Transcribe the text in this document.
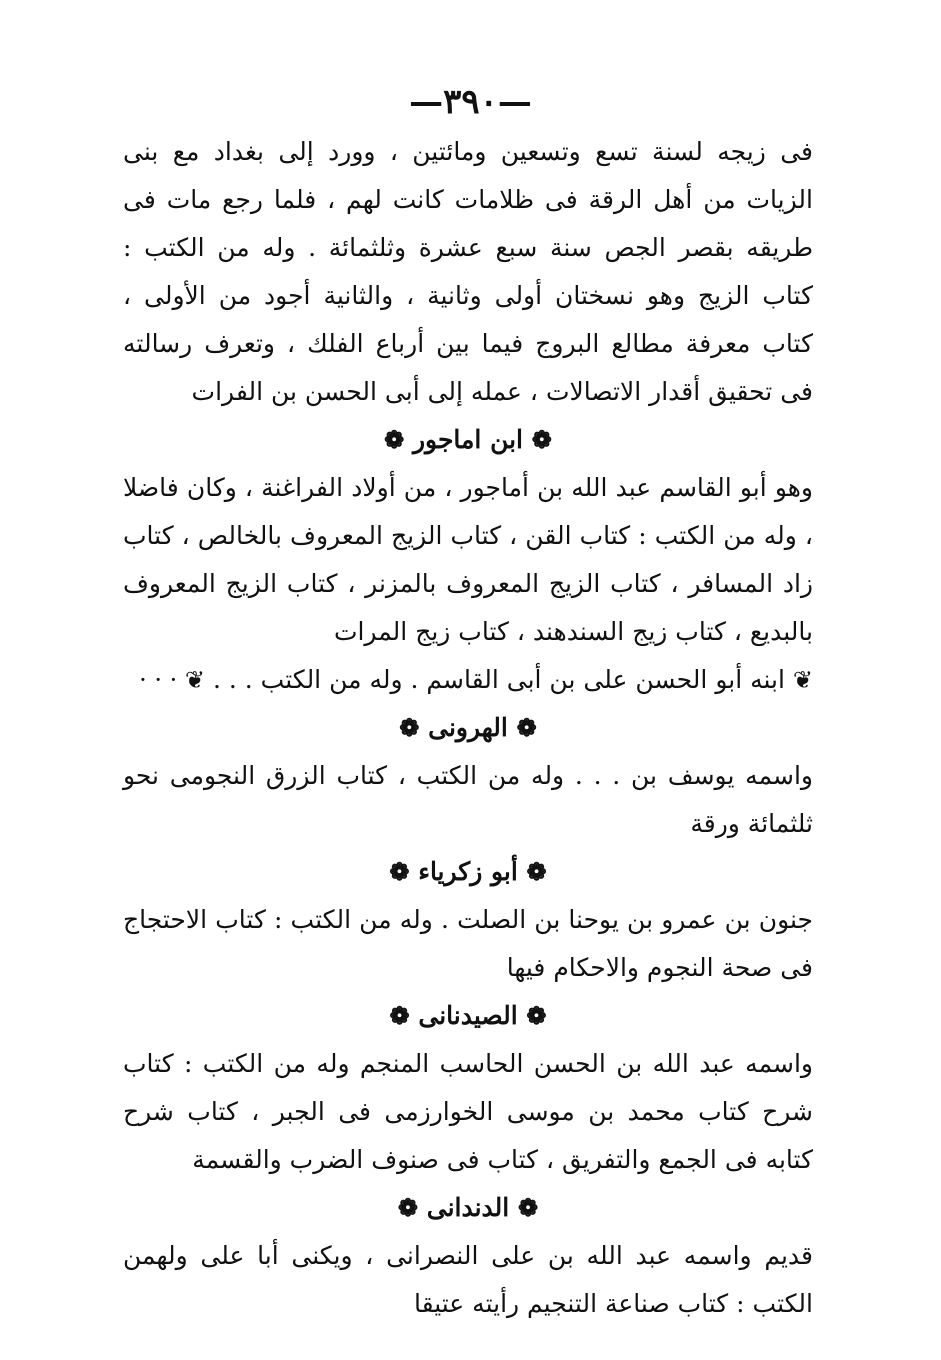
—٣٩٠—

فى زيجه لسنة تسع وتسعين ومائتين ، وورد إلى بغداد مع بنى الزيات من أهل الرقة فى ظلامات كانت لهم ، فلما رجع مات فى طريقه بقصر الجص سنة سبع عشرة وثلثمائة . وله من الكتب : كتاب الزيج وهو نسختان أولى وثانية ، والثانية أجود من الأولى ، كتاب معرفة مطالع البروج فيما بين أرباع الفلك ، وتعرف رسالته فى تحقيق أقدار الاتصالات ، عمله إلى أبى الحسن بن الفرات

❁ ابن اماجور ❁

وهو أبو القاسم عبد الله بن أماجور ، من أولاد الفراغنة ، وكان فاضلا ، وله من الكتب : كتاب القن ، كتاب الزيج المعروف بالخالص ، كتاب زاد المسافر ، كتاب الزيج المعروف بالمزنر ، كتاب الزيج المعروف بالبديع ، كتاب زيج السندهند ، كتاب زيج المرات

❦ ابنه أبو الحسن على بن أبى القاسم . وله من الكتب . . . ❦ · · ·

❁ الهرونى ❁

واسمه يوسف بن . . . وله من الكتب ، كتاب الزرق النجومى نحو ثلثمائة ورقة

❁ أبو زكرياء ❁

جنون بن عمرو بن يوحنا بن الصلت . وله من الكتب : كتاب الاحتجاج فى صحة النجوم والاحكام فيها

❁ الصيدنانى ❁

واسمه عبد الله بن الحسن الحاسب المنجم وله من الكتب : كتاب شرح كتاب محمد بن موسى الخوارزمى فى الجبر ، كتاب شرح كتابه فى الجمع والتفريق ، كتاب فى صنوف الضرب والقسمة

❁ الدندانى ❁

قديم واسمه عبد الله بن على النصرانى ، ويكنى أبا على ولهمن الكتب : كتاب صناعة التنجيم رأيته عتيقا
